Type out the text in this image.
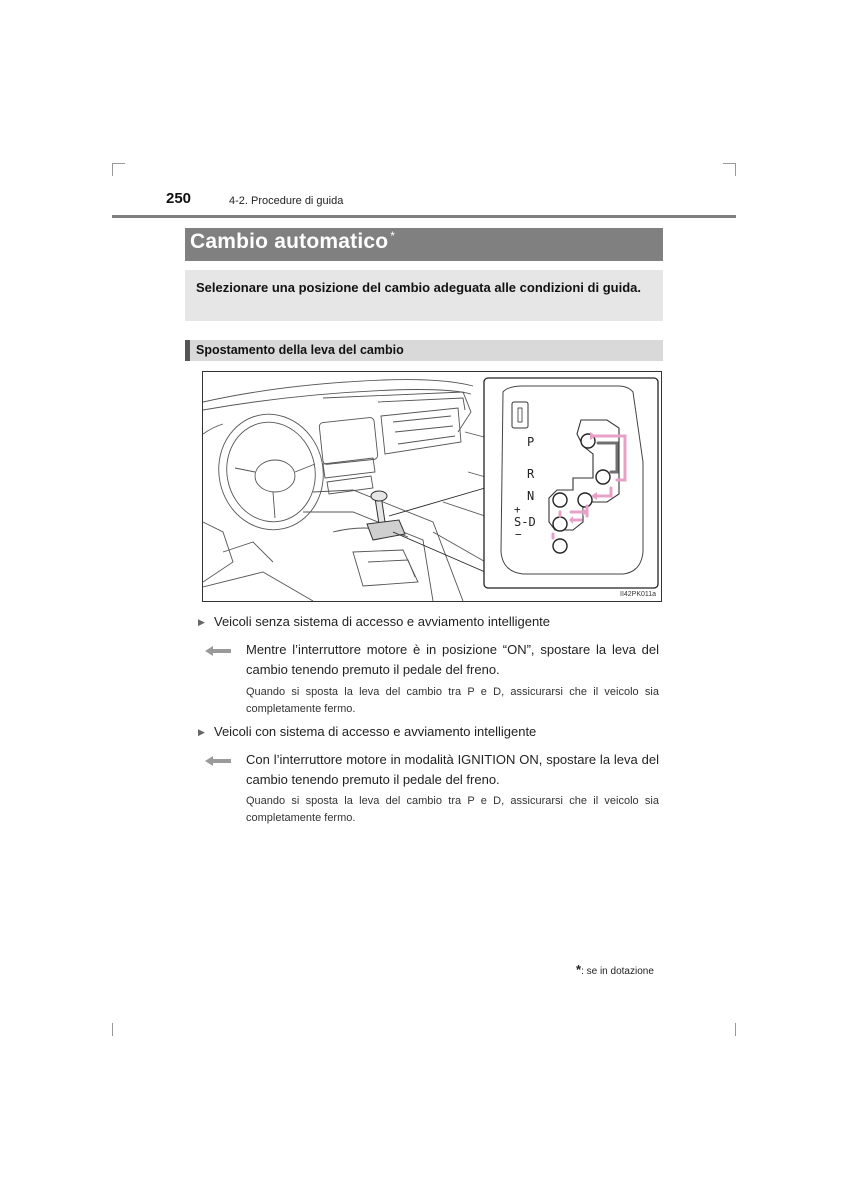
250	4-2. Procedure di guida
Cambio automatico *
Selezionare una posizione del cambio adeguata alle condizioni di guida.
Spostamento della leva del cambio
P
R
N
+
S-D
−
II42PK011a
▶ Veicoli senza sistema di accesso e avviamento intelligente
Mentre l’interruttore motore è in posizione “ON”, spostare la leva del cambio tenendo premuto il pedale del freno.
Quando si sposta la leva del cambio tra P e D, assicurarsi che il veicolo sia completamente fermo.
▶ Veicoli con sistema di accesso e avviamento intelligente
Con l’interruttore motore in modalità IGNITION ON, spostare la leva del cambio tenendo premuto il pedale del freno.
Quando si sposta la leva del cambio tra P e D, assicurarsi che il veicolo sia completamente fermo.
*: se in dotazione
